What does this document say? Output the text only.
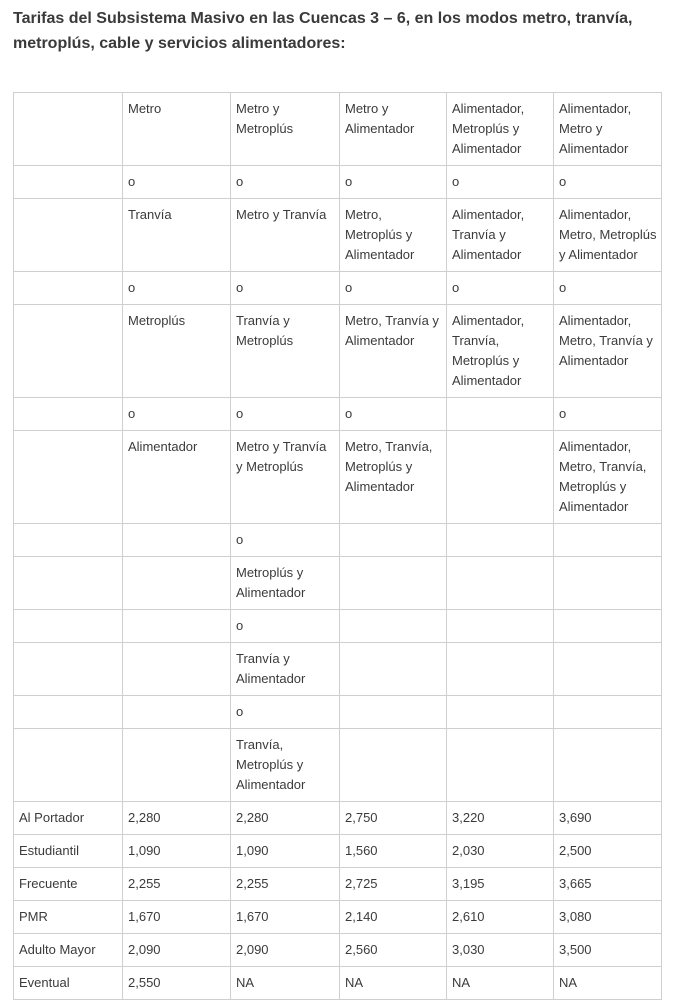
Tarifas del Subsistema Masivo en las Cuencas 3 – 6, en los modos metro, tranvía, metroplús, cable y servicios alimentadores:

	Metro	Metro y Metroplús	Metro y Alimentador	Alimentador, Metroplús y Alimentador	Alimentador, Metro y Alimentador
	o	o	o	o	o
	Tranvía	Metro y Tranvía	Metro, Metroplús y Alimentador	Alimentador, Tranvía y Alimentador	Alimentador, Metro, Metroplús y Alimentador
	o	o	o	o	o
	Metroplús	Tranvía y Metroplús	Metro, Tranvía y Alimentador	Alimentador, Tranvía, Metroplús y Alimentador	Alimentador, Metro, Tranvía y Alimentador
	o	o	o		o
	Alimentador	Metro y Tranvía y Metroplús	Metro, Tranvía, Metroplús y Alimentador		Alimentador, Metro, Tranvía, Metroplús y Alimentador
		o			
		Metroplús y Alimentador			
		o			
		Tranvía y Alimentador			
		o			
		Tranvía, Metroplús y Alimentador			
Al Portador	2,280	2,280	2,750	3,220	3,690
Estudiantil	1,090	1,090	1,560	2,030	2,500
Frecuente	2,255	2,255	2,725	3,195	3,665
PMR	1,670	1,670	2,140	2,610	3,080
Adulto Mayor	2,090	2,090	2,560	3,030	3,500
Eventual	2,550	NA	NA	NA	NA
